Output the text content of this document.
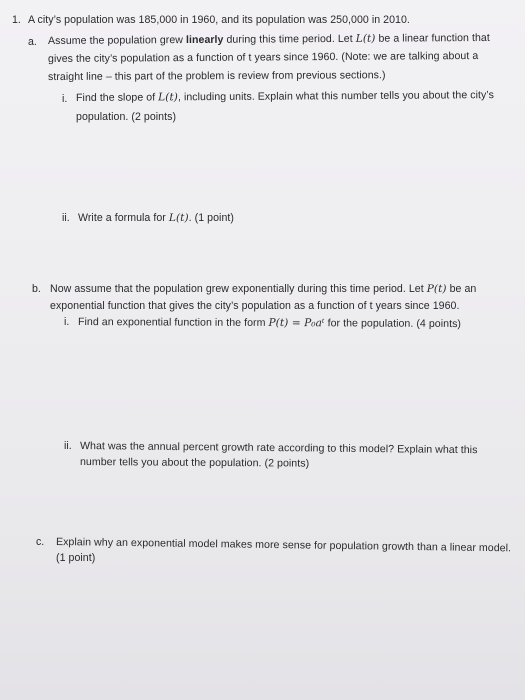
1. A city’s population was 185,000 in 1960, and its population was 250,000 in 2010.
a. Assume the population grew linearly during this time period. Let L(t) be a linear function that
gives the city’s population as a function of t years since 1960. (Note: we are talking about a
straight line – this part of the problem is review from previous sections.)
i. Find the slope of L(t), including units. Explain what this number tells you about the city’s
population. (2 points)
ii. Write a formula for L(t). (1 point)
b. Now assume that the population grew exponentially during this time period. Let P(t) be an
exponential function that gives the city’s population as a function of t years since 1960.
i. Find an exponential function in the form P(t) = P₀aᵗ for the population. (4 points)
ii. What was the annual percent growth rate according to this model? Explain what this
number tells you about the population. (2 points)
c. Explain why an exponential model makes more sense for population growth than a linear model.
(1 point)
